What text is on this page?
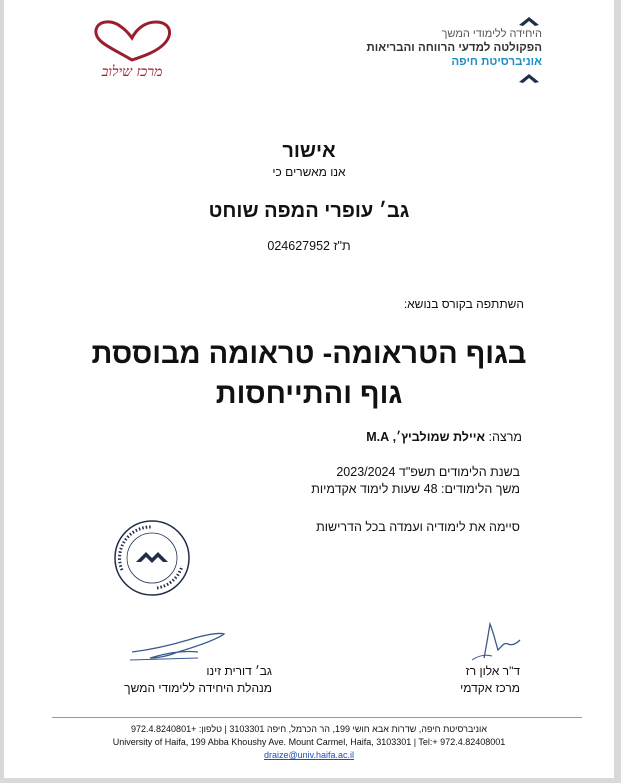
היחידה ללימודי המשך
הפקולטה למדעי הרווחה והבריאות
אוניברסיטת חיפה
מרכז שילוב
אישור
אנו מאשרים כי
גב׳ עופרי המפה שוחט
ת"ז 024627952
השתתפה בקורס בנושא:
בגוף הטראומה- טראומה מבוססת
גוף והתייחסות
מרצה: איילת שמולביץ׳, M.A
בשנת הלימודים תשפ"ד 2023/2024
משך הלימודים: 48 שעות לימוד אקדמיות
סיימה את לימודיה ועמדה בכל הדרישות
גב׳ דורית זינו
מנהלת היחידה ללימודי המשך
ד"ר אלון רז
מרכז אקדמי
אוניברסיטת חיפה, שדרות אבא חושי 199, הר הכרמל, חיפה 3103301 | טלפון: +972.4.8240801
University of Haifa, 199 Abba Khoushy Ave. Mount Carmel, Haifa, 3103301 | Tel:+ 972.4.82408001
draize@univ.haifa.ac.il
